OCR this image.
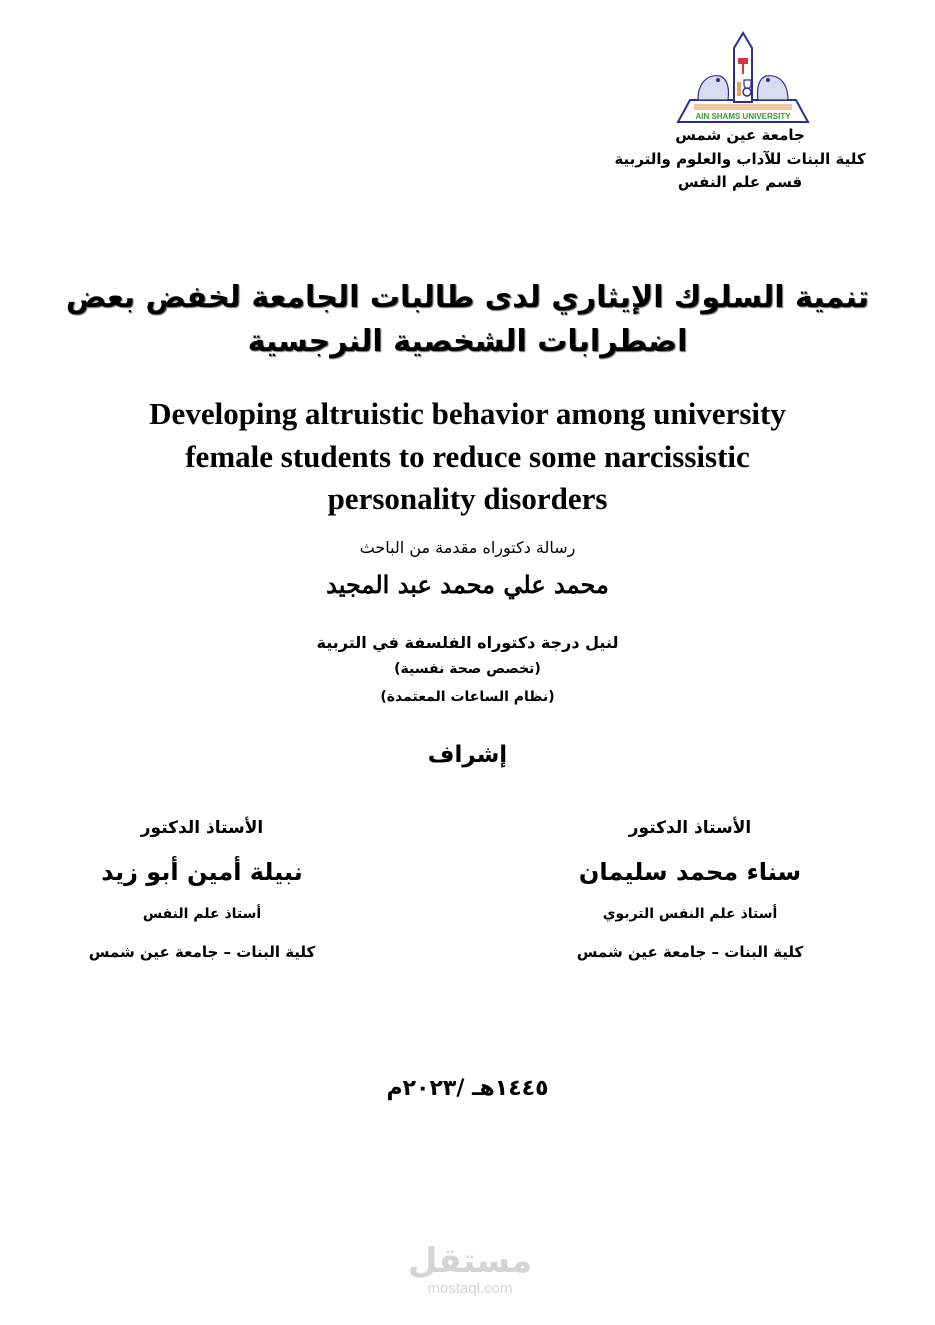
AIN SHAMS UNIVERSITY
جامعة عين شمس
كلية البنات للآداب والعلوم والتربية
قسم علم النفس
تنمية السلوك الإيثاري لدى طالبات الجامعة لخفض بعض
اضطرابات الشخصية النرجسية
Developing altruistic behavior among university
female students to reduce some narcissistic
personality disorders
رسالة دكتوراه مقدمة من الباحث
محمد علي محمد عبد المجيد
لنيل درجة دكتوراه الفلسفة في التربية
(تخصص صحة نفسية)
(نظام الساعات المعتمدة)
إشراف
الأستاذ الدكتور
سناء محمد سليمان
أستاذ علم النفس التربوي
كلية البنات – جامعة عين شمس
الأستاذ الدكتور
نبيلة أمين أبو زيد
أستاذ علم النفس
كلية البنات – جامعة عين شمس
١٤٤٥هـ /٢٠٢٣م
مستقل
mostaql.com
